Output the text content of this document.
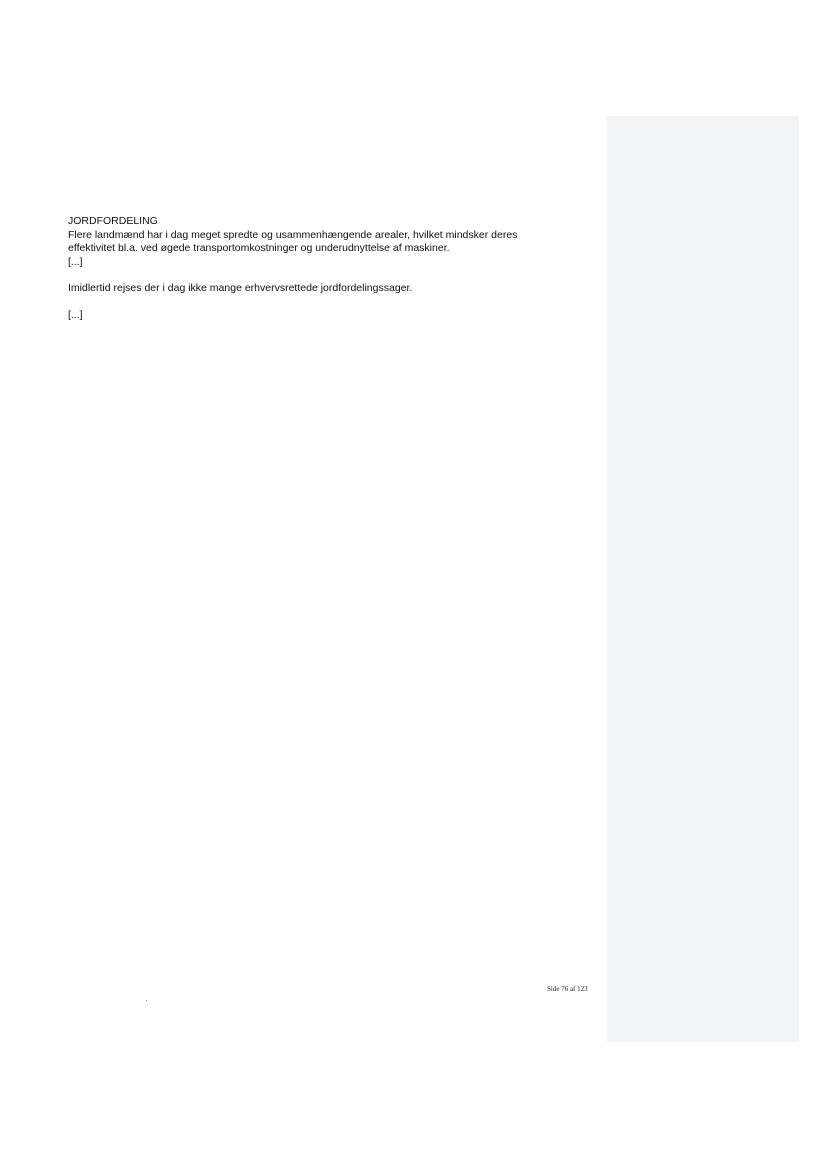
JORDFORDELING
Flere landmænd har i dag meget spredte og usammenhængende arealer, hvilket mindsker deres
effektivitet bl.a. ved øgede transportomkostninger og underudnyttelse af maskiner.
[...]
Imidlertid rejses der i dag ikke mange erhvervsrettede jordfordelingssager.
[...]
Side 76 af 123
